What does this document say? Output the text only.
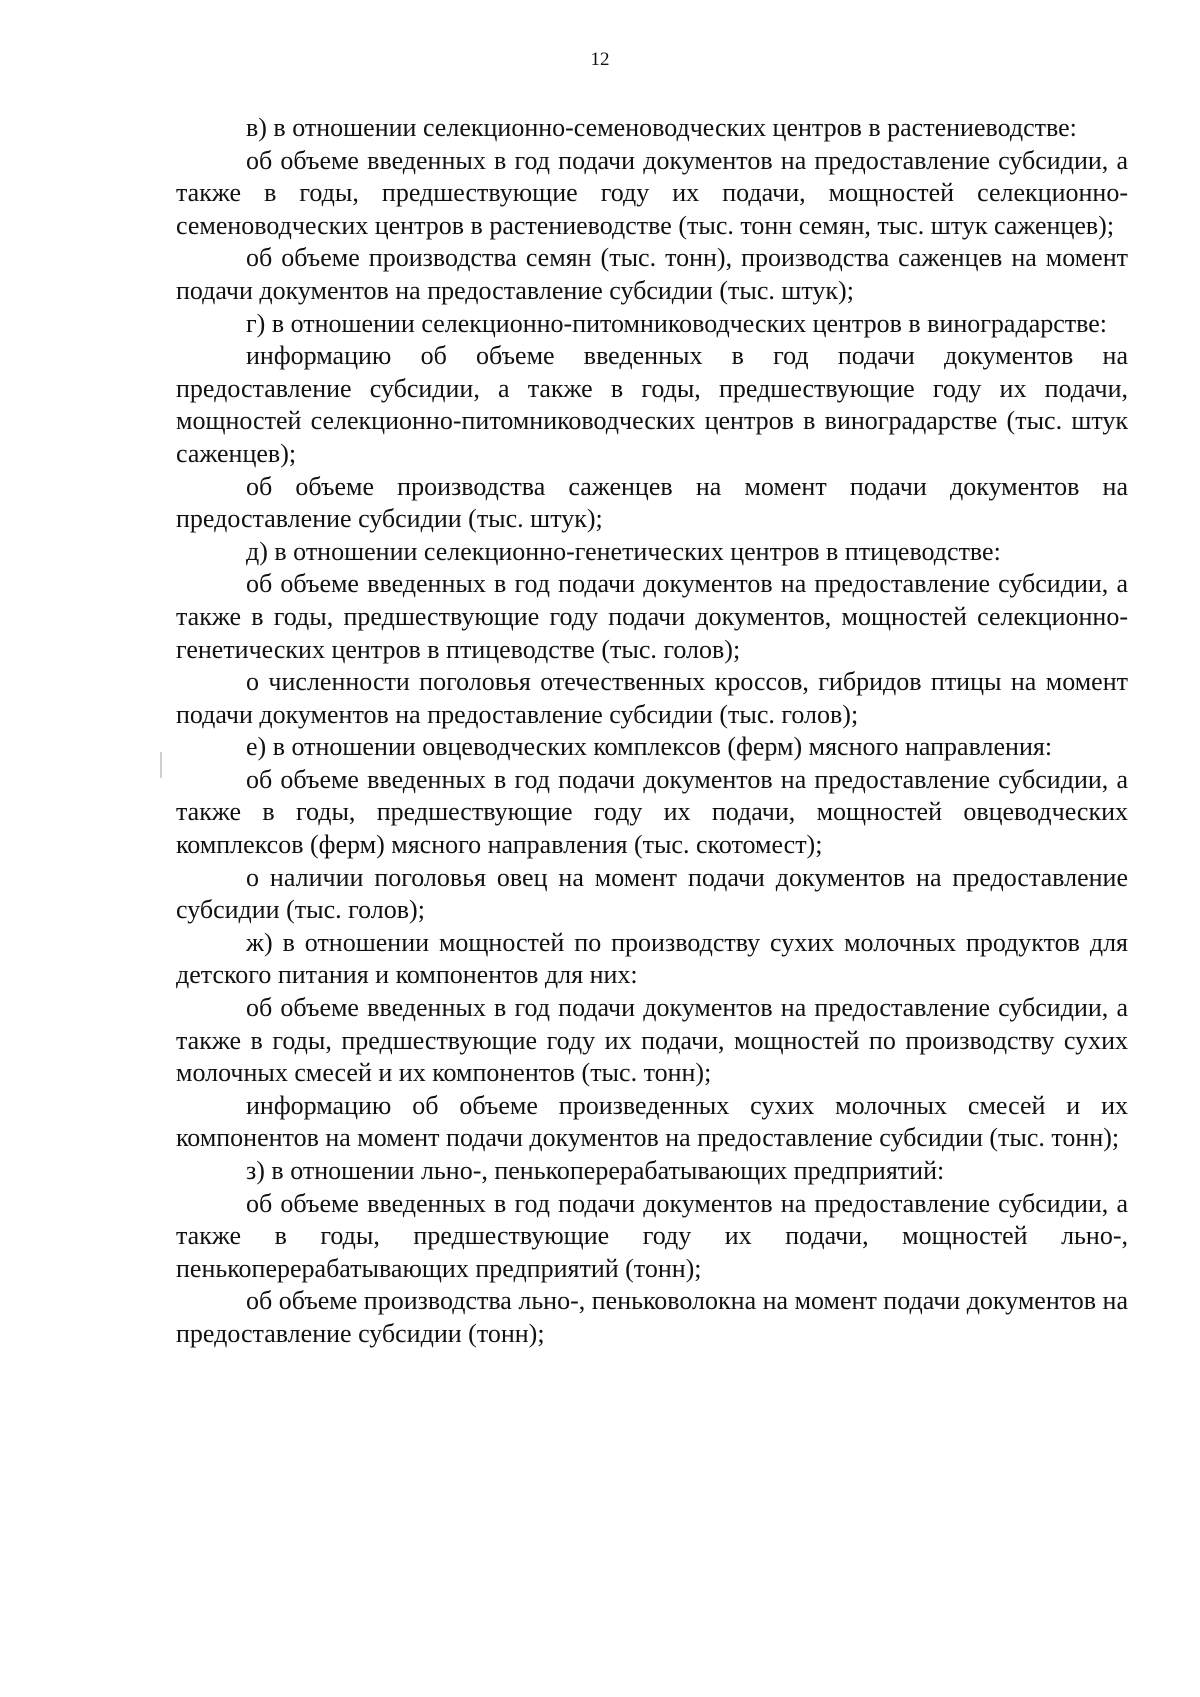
12

в) в отношении селекционно-семеноводческих центров в растениеводстве:

об объеме введенных в год подачи документов на предоставление субсидии, а также в годы, предшествующие году их подачи, мощностей селекционно-семеноводческих центров в растениеводстве (тыс. тонн семян, тыс. штук саженцев);

об объеме производства семян (тыс. тонн), производства саженцев на момент подачи документов на предоставление субсидии (тыс. штук);

г) в отношении селекционно-питомниководческих центров в виноградарстве:

информацию об объеме введенных в год подачи документов на предоставление субсидии, а также в годы, предшествующие году их подачи, мощностей селекционно-питомниководческих центров в виноградарстве (тыс. штук саженцев);

об объеме производства саженцев на момент подачи документов на предоставление субсидии (тыс. штук);

д) в отношении селекционно-генетических центров в птицеводстве:

об объеме введенных в год подачи документов на предоставление субсидии, а также в годы, предшествующие году подачи документов, мощностей селекционно-генетических центров в птицеводстве (тыс. голов);

о численности поголовья отечественных кроссов, гибридов птицы на момент подачи документов на предоставление субсидии (тыс. голов);

е) в отношении овцеводческих комплексов (ферм) мясного направления:

об объеме введенных в год подачи документов на предоставление субсидии, а также в годы, предшествующие году их подачи, мощностей овцеводческих комплексов (ферм) мясного направления (тыс. скотомест);

о наличии поголовья овец на момент подачи документов на предоставление субсидии (тыс. голов);

ж) в отношении мощностей по производству сухих молочных продуктов для детского питания и компонентов для них:

об объеме введенных в год подачи документов на предоставление субсидии, а также в годы, предшествующие году их подачи, мощностей по производству сухих молочных смесей и их компонентов (тыс. тонн);

информацию об объеме произведенных сухих молочных смесей и их компонентов на момент подачи документов на предоставление субсидии (тыс. тонн);

з) в отношении льно-, пенькоперерабатывающих предприятий:

об объеме введенных в год подачи документов на предоставление субсидии, а также в годы, предшествующие году их подачи, мощностей льно-, пенькоперерабатывающих предприятий (тонн);

об объеме производства льно-, пеньковолокна на момент подачи документов на предоставление субсидии (тонн);
